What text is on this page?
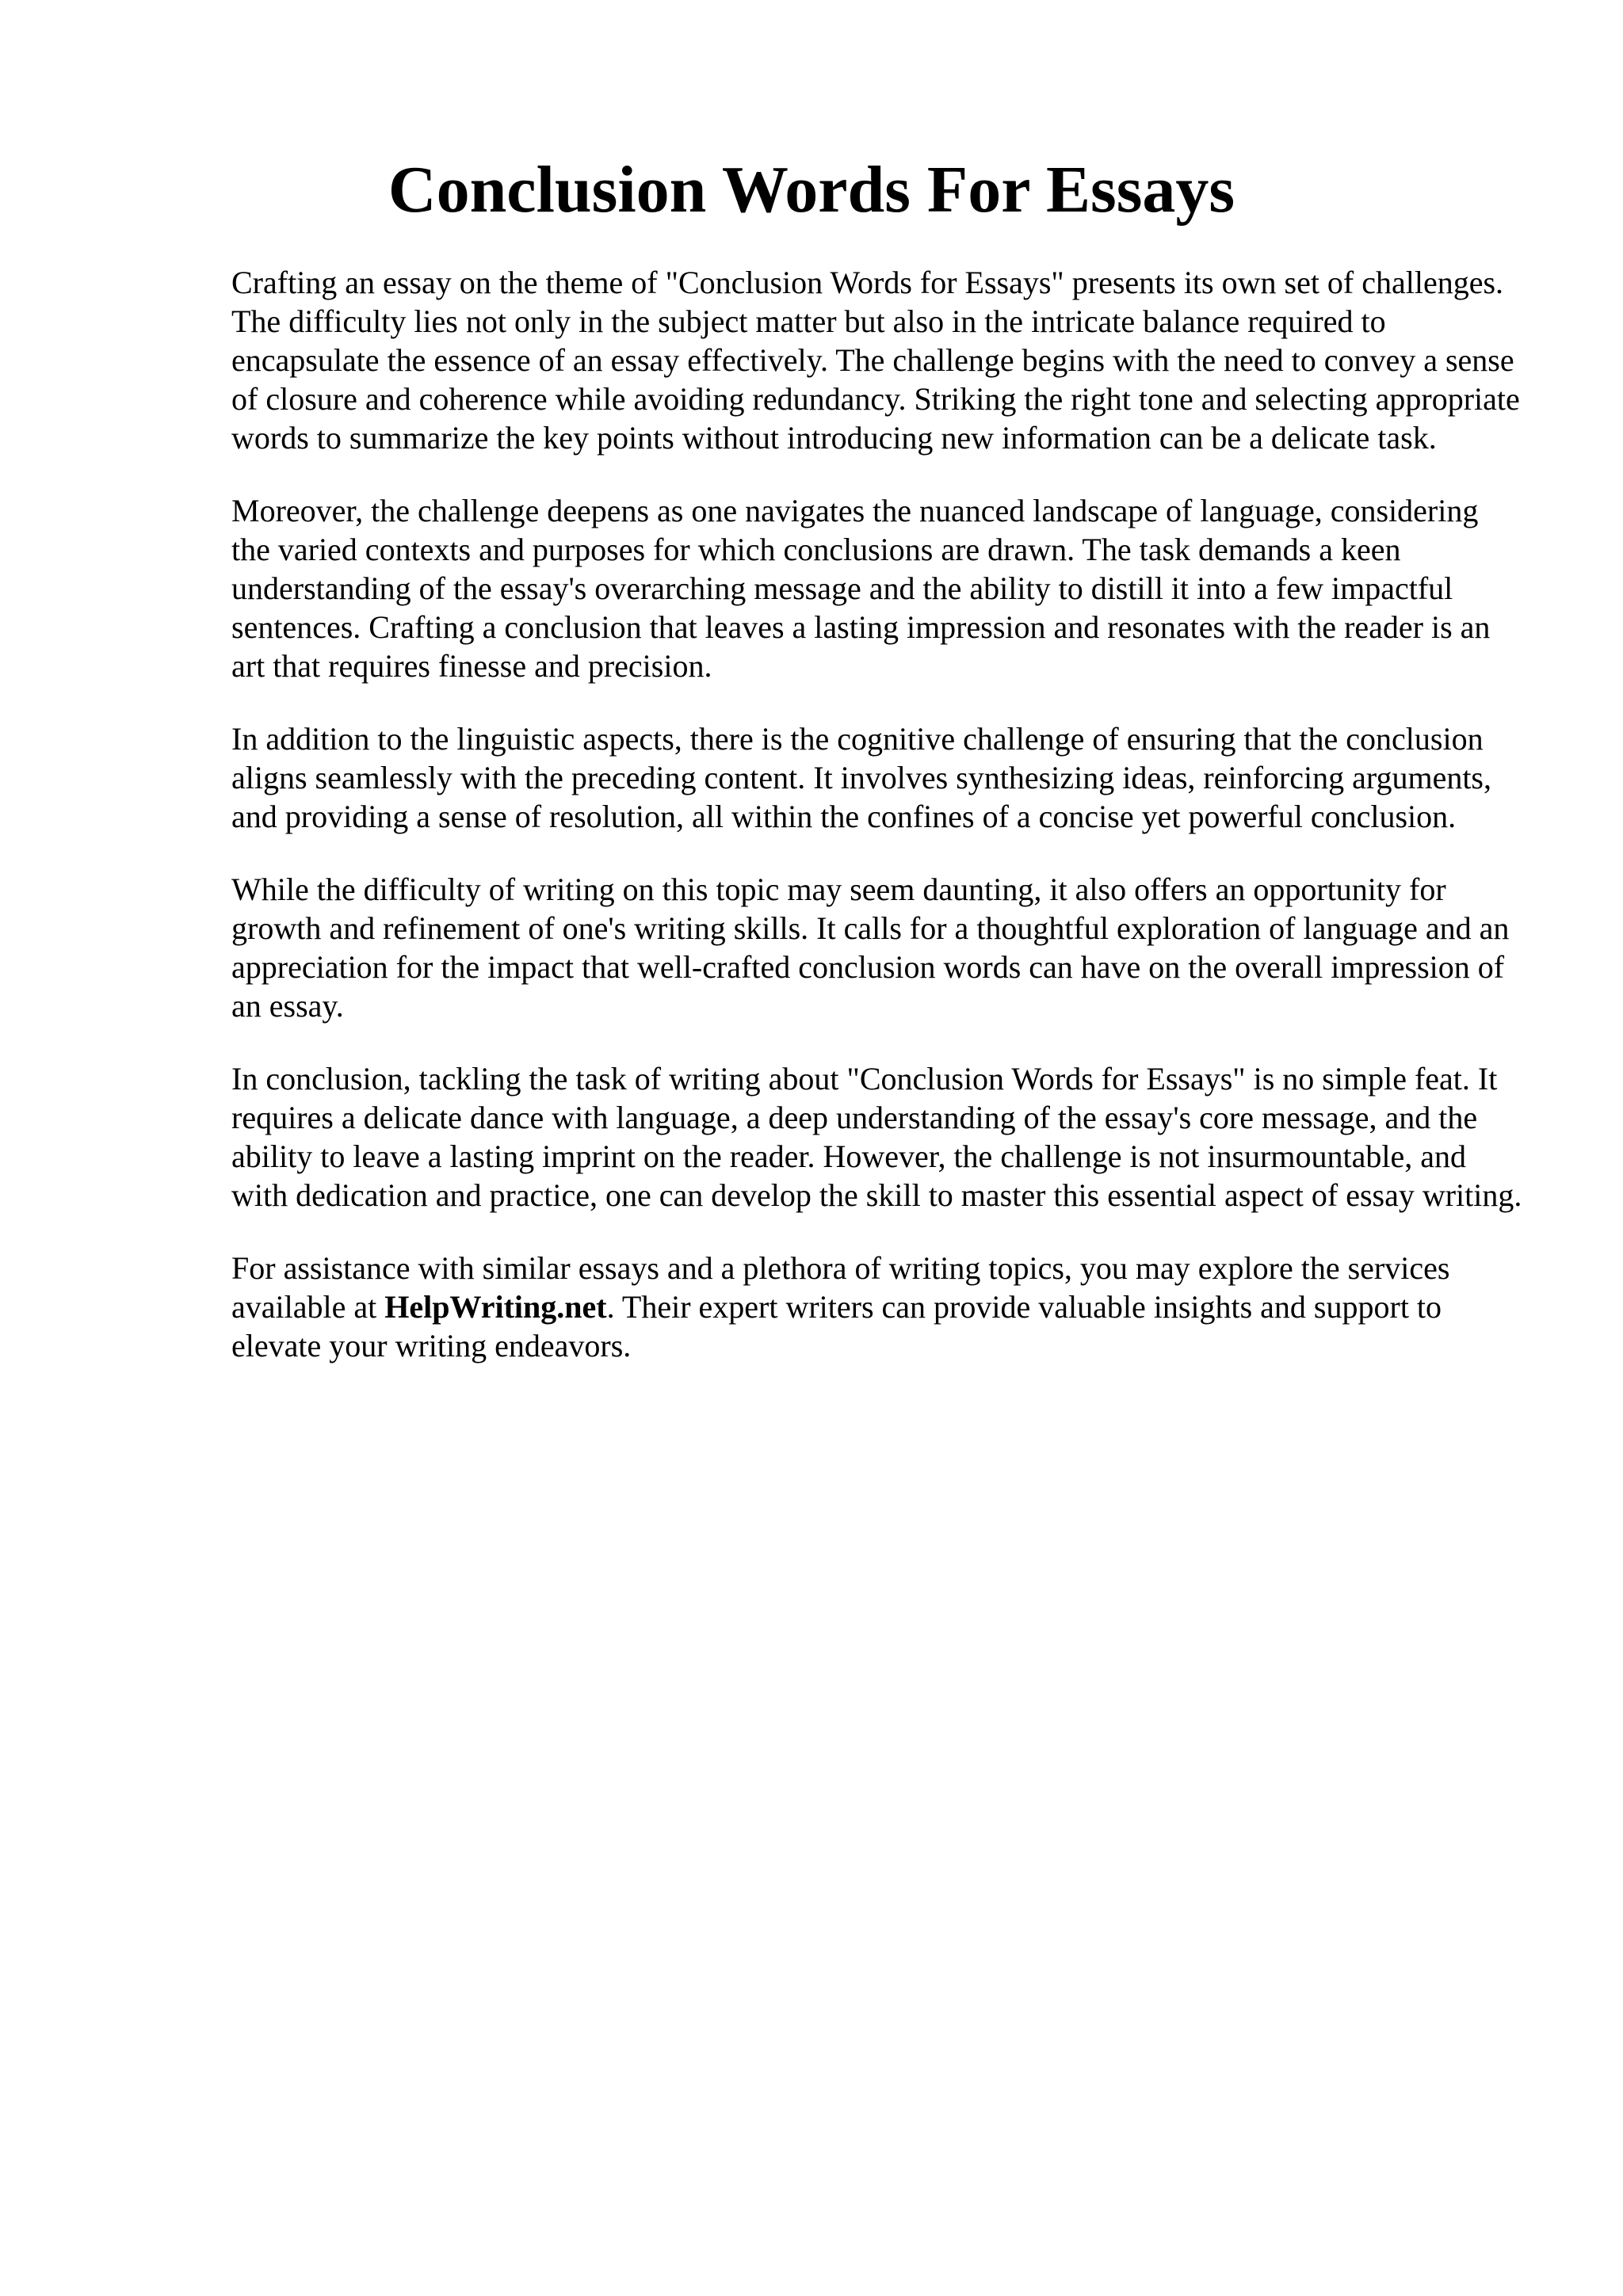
Conclusion Words For Essays

Crafting an essay on the theme of "Conclusion Words for Essays" presents its own set of challenges. The difficulty lies not only in the subject matter but also in the intricate balance required to encapsulate the essence of an essay effectively. The challenge begins with the need to convey a sense of closure and coherence while avoiding redundancy. Striking the right tone and selecting appropriate words to summarize the key points without introducing new information can be a delicate task.

Moreover, the challenge deepens as one navigates the nuanced landscape of language, considering the varied contexts and purposes for which conclusions are drawn. The task demands a keen understanding of the essay's overarching message and the ability to distill it into a few impactful sentences. Crafting a conclusion that leaves a lasting impression and resonates with the reader is an art that requires finesse and precision.

In addition to the linguistic aspects, there is the cognitive challenge of ensuring that the conclusion aligns seamlessly with the preceding content. It involves synthesizing ideas, reinforcing arguments, and providing a sense of resolution, all within the confines of a concise yet powerful conclusion.

While the difficulty of writing on this topic may seem daunting, it also offers an opportunity for growth and refinement of one's writing skills. It calls for a thoughtful exploration of language and an appreciation for the impact that well-crafted conclusion words can have on the overall impression of an essay.

In conclusion, tackling the task of writing about "Conclusion Words for Essays" is no simple feat. It requires a delicate dance with language, a deep understanding of the essay's core message, and the ability to leave a lasting imprint on the reader. However, the challenge is not insurmountable, and with dedication and practice, one can develop the skill to master this essential aspect of essay writing.

For assistance with similar essays and a plethora of writing topics, you may explore the services available at HelpWriting.net. Their expert writers can provide valuable insights and support to elevate your writing endeavors.
